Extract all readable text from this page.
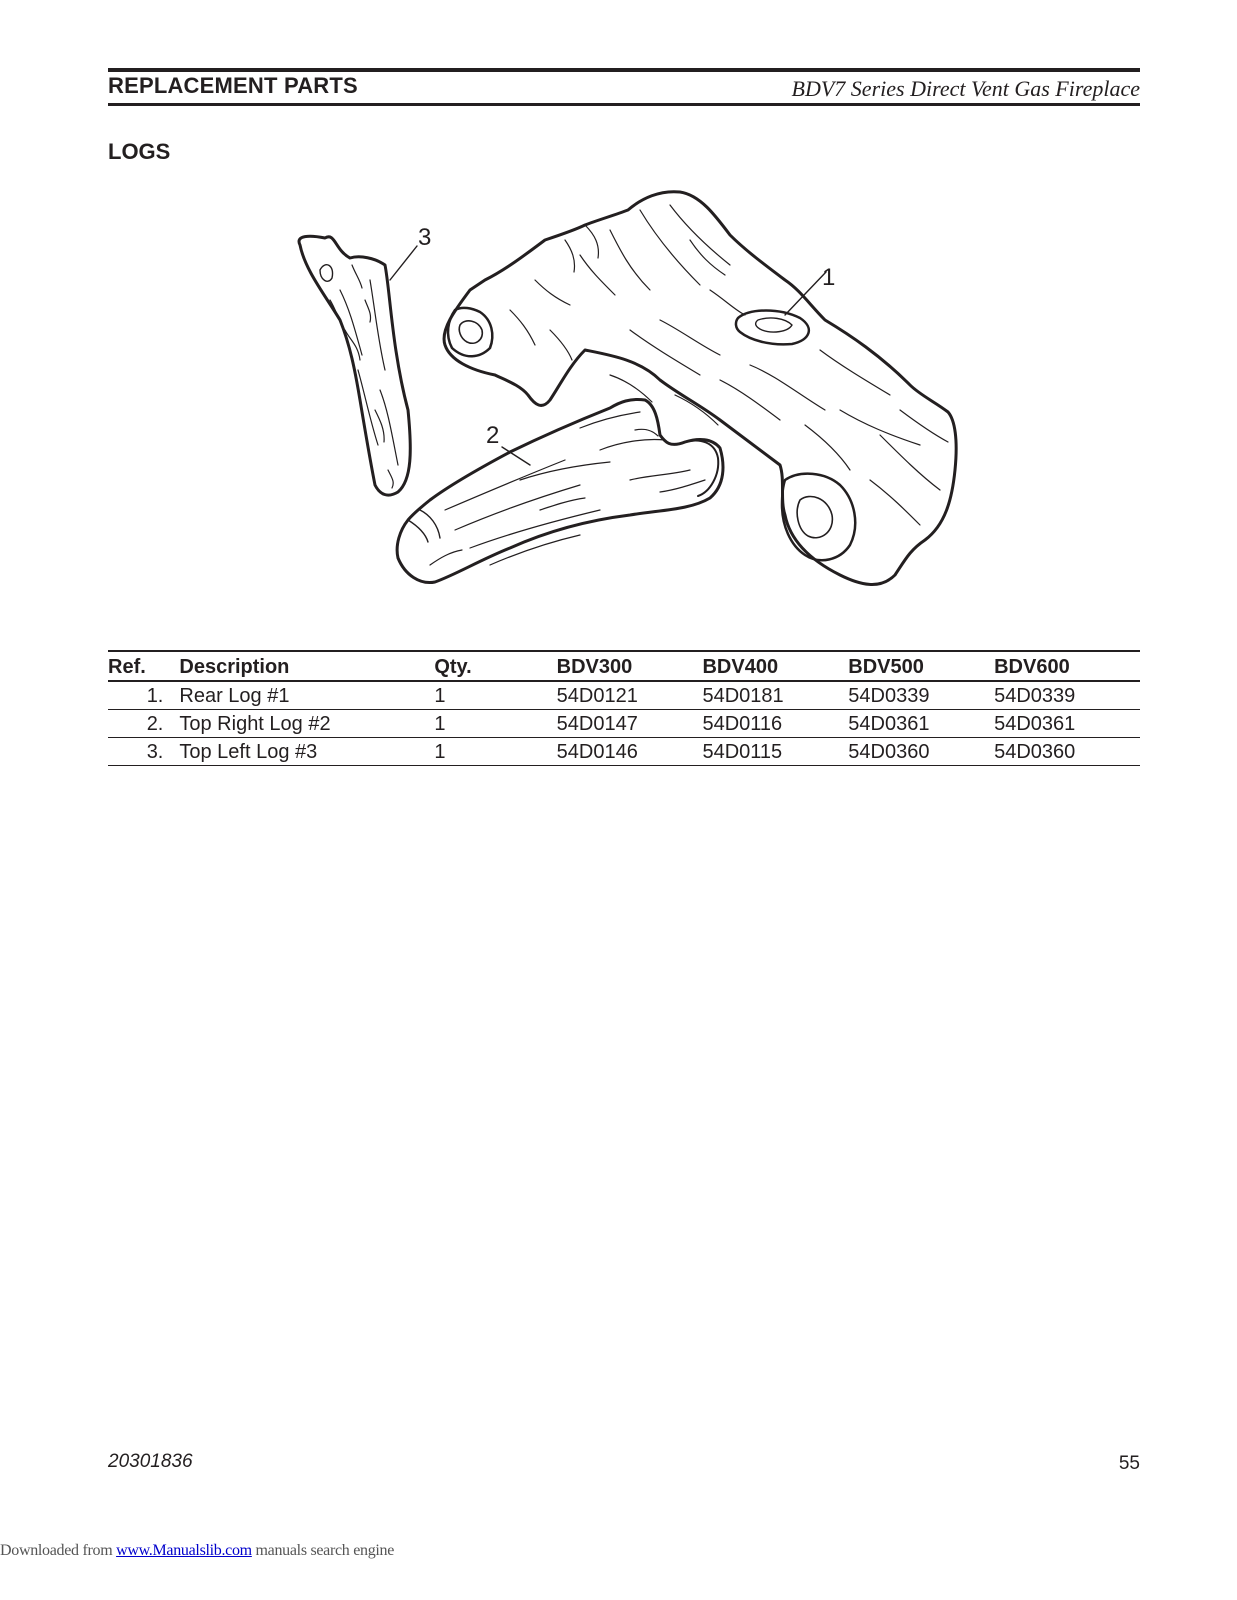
REPLACEMENT PARTS	BDV7 Series Direct Vent Gas Fireplace
LOGS
3
1
2
Ref.	Description	Qty.	BDV300	BDV400	BDV500	BDV600
1.	Rear Log #1	1	54D0121	54D0181	54D0339	54D0339
2.	Top Right Log #2	1	54D0147	54D0116	54D0361	54D0361
3.	Top Left Log #3	1	54D0146	54D0115	54D0360	54D0360
20301836	55
Downloaded from www.Manualslib.com manuals search engine
